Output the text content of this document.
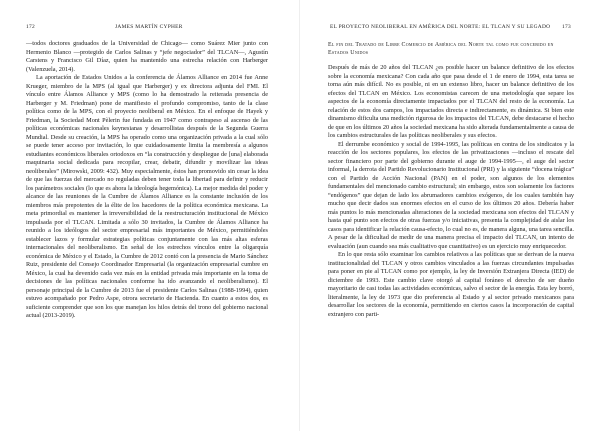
172	JAMES MARTÍN CYPHER

—todos doctores graduados de la Universidad de Chicago— como Suárez Mier junto con Hermenio Blanco —protegido de Carlos Salinas y “jefe negociador” del TLCAN—, Agustín Carstens y Francisco Gil Díaz, quien ha mantenido una estrecha relación con Harberger (Valenzuela, 2014).

La aportación de Estados Unidos a la conferencia de Álamos Alliance en 2014 fue Anne Krueger, miembro de la MPS (al igual que Harberger) y ex directora adjunta del FMI. El vínculo entre Álamos Alliance y MPS (como lo ha demostrado la reiterada presencia de Harberger y M. Friedman) pone de manifiesto el profundo compromiso, tanto de la clase política como de la MPS, con el proyecto neoliberal en México. En el enfoque de Hayek y Friedman, la Sociedad Mont Pèlerin fue fundada en 1947 como contrapeso al ascenso de las políticas económicas nacionales keynesianas y desarrollistas después de la Segunda Guerra Mundial. Desde su creación, la MPS ha operado como una organización privada a la cual sólo se puede tener acceso por invitación, lo que cuidadosamente limita la membresía a algunos estudiantes económicos liberales ortodoxos en “la construcción y despliegue de [una] elaborada maquinaria social dedicada para recopilar, crear, debatir, difundir y movilizar las ideas neoliberales” (Mirowski, 2009: 432). Muy especialmente, éstos han promovido sin cesar la idea de que las fuerzas del mercado no reguladas deben tener toda la libertad para definir y reducir los parámetros sociales (lo que es ahora la ideología hegemónica). La mejor medida del poder y alcance de las reuniones de la Cumbre de Álamos Alliance es la constante inclusión de los miembros más prepotentes de la élite de los hacedores de la política económica mexicana. La meta primordial es mantener la irreversibilidad de la reestructuración institucional de México impulsada por el TLCAN. Limitada a sólo 30 invitados, la Cumbre de Álamos Alliance ha reunido a los ideólogos del sector empresarial más importantes de México, permitiéndoles establecer lazos y formular estrategias políticas conjuntamente con las más altas esferas internacionales del neoliberalismo. En señal de los estrechos vínculos entre la oligarquía económica de México y el Estado, la Cumbre de 2012 contó con la presencia de Mario Sánchez Ruiz, presidente del Consejo Coordinador Empresarial (la organización empresarial cumbre en México, la cual ha devenido cada vez más en la entidad privada más importante en la toma de decisiones de las políticas nacionales conforme ha ido avanzando el neoliberalismo). El personaje principal de la Cumbre de 2013 fue el presidente Carlos Salinas (1988-1994), quien estuvo acompañado por Pedro Aspe, otrora secretario de Hacienda. En cuanto a estos dos, es suficiente comprender que son los que manejan los hilos detrás del trono del gobierno nacional actual (2013-2019).

EL PROYECTO NEOLIBERAL EN AMÉRICA DEL NORTE: EL TLCAN Y SU LEGADO 173
El fin del Tratado de Libre Comercio de América del Norte tal como fue concebido en Estados Unidos

Después de más de 20 años del TLCAN ¿es posible hacer un balance definitivo de los efectos sobre la economía mexicana? Con cada año que pasa desde el 1 de enero de 1994, esta tarea se torna aún más difícil. No es posible, ni en un extenso libro, hacer un balance definitivo de los efectos del TLCAN en México. Los economistas carecen de una metodología que separe los aspectos de la economía directamente impactados por el TLCAN del resto de la economía. La relación de estos dos campos, los impactados directa e indirectamente, es dinámica. Si bien este dinamismo dificulta una medición rigurosa de los impactos del TLCAN, debe destacarse el hecho de que en los últimos 20 años la sociedad mexicana ha sido alterada fundamentalmente a causa de los cambios estructurales de las políticas neoliberales y sus efectos.

El derrumbe económico y social de 1994-1995, las políticas en contra de los sindicatos y la reacción de los sectores populares, los efectos de las privatizaciones —incluso el rescate del sector financiero por parte del gobierno durante el auge de 1994-1995—, el auge del sector informal, la derrota del Partido Revolucionario Institucional (PRI) y la siguiente “docena trágica” con el Partido de Acción Nacional (PAN) en el poder, son algunos de los elementos fundamentales del mencionado cambio estructural; sin embargo, estos son solamente los factores “endógenos” que dejan de lado los abrumadores cambios exógenos, de los cuales también hay mucho que decir dados sus enormes efectos en el curso de los últimos 20 años. Debería haber más puntos lo más mencionadas alteraciones de la sociedad mexicana son efectos del TLCAN y hasta qué punto son efectos de otras fuerzas y/o iniciativas, presenta la complejidad de aislar los casos para identificar la relación causa-efecto, lo cual no es, de manera alguna, una tarea sencilla. A pesar de la dificultad de medir de una manera precisa el impacto del TLCAN, un intento de evaluación (aun cuando sea más cualitativo que cuantitativo) es un ejercicio muy enriquecedor.

En lo que resta sólo examinar los cambios relativos a las políticas que se derivan de la nueva institucionalidad del TLCAN y otros cambios vinculados a las fuerzas circundantes impulsadas para poner en pie al TLCAN como por ejemplo, la ley de Inversión Extranjera Directa (IED) de diciembre de 1993. Este cambio clave otorgó al capital foráneo el derecho de ser dueño mayoritario de casi todas las actividades económicas, salvo el sector de la energía. Esta ley borró, literalmente, la ley de 1973 que dio preferencia al Estado y al sector privado mexicanos para desarrollar los sectores de la economía, permitiendo en ciertos casos la incorporación de capital extranjero con parti-
